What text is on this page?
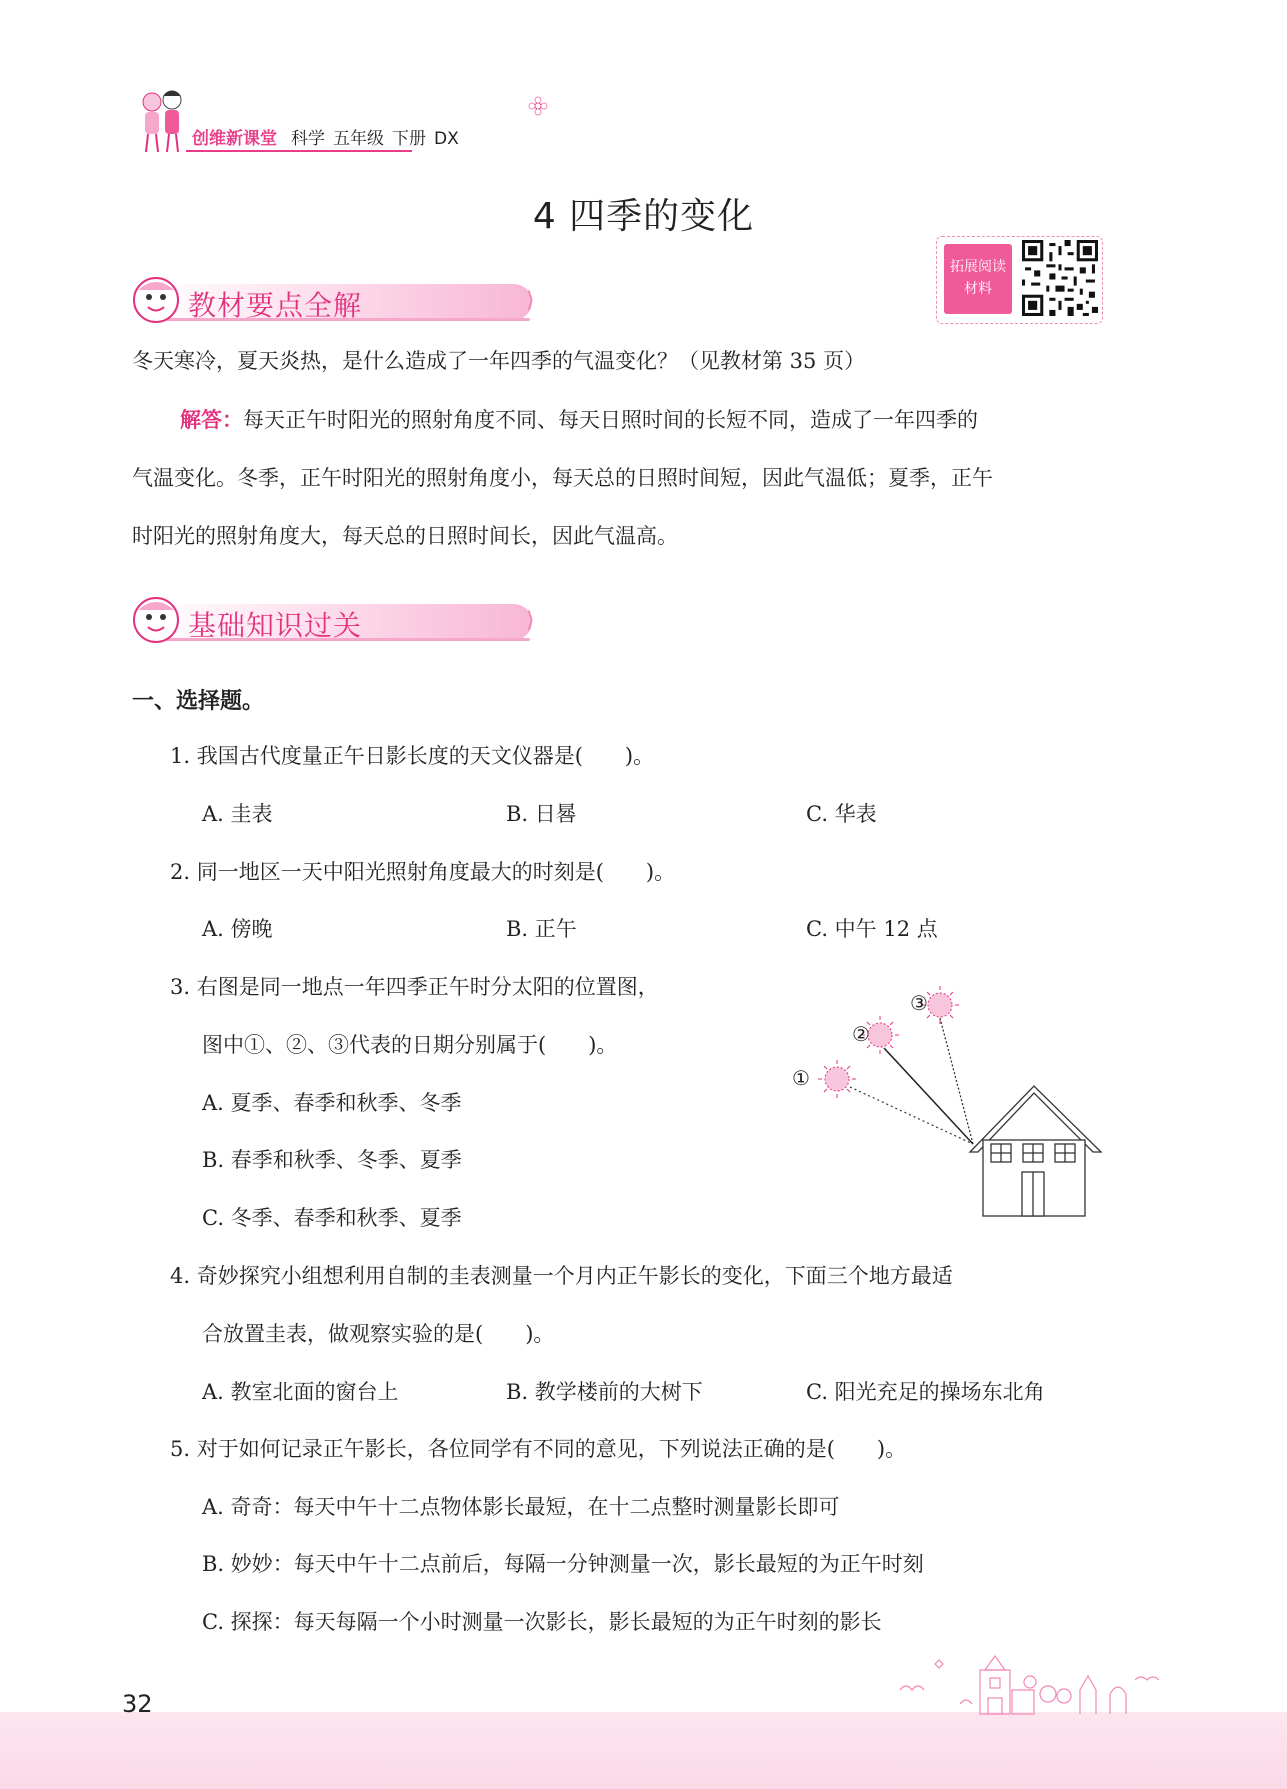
创维新课堂 科学 五年级 下册 DX
4 四季的变化
拓展阅读
材料
教材要点全解	⟩
冬天寒冷，夏天炎热，是什么造成了一年四季的气温变化？（见教材第 35 页）
解答：每天正午时阳光的照射角度不同、每天日照时间的长短不同，造成了一年四季的
气温变化。冬季，正午时阳光的照射角度小，每天总的日照时间短，因此气温低；夏季，正午
时阳光的照射角度大，每天总的日照时间长，因此气温高。
基础知识过关	⟩
一、选择题。
1. 我国古代度量正午日影长度的天文仪器是(　　)。
A. 圭表	B. 日晷	C. 华表
2. 同一地区一天中阳光照射角度最大的时刻是(　　)。
A. 傍晚	B. 正午	C. 中午 12 点
3. 右图是同一地点一年四季正午时分太阳的位置图，
图中①、②、③代表的日期分别属于(　　)。
A. 夏季、春季和秋季、冬季
B. 春季和秋季、冬季、夏季
C. 冬季、春季和秋季、夏季
③
②
①
4. 奇妙探究小组想利用自制的圭表测量一个月内正午影长的变化，下面三个地方最适
合放置圭表，做观察实验的是(　　)。
A. 教室北面的窗台上	B. 教学楼前的大树下	C. 阳光充足的操场东北角
5. 对于如何记录正午影长，各位同学有不同的意见，下列说法正确的是(　　)。
A. 奇奇：每天中午十二点物体影长最短，在十二点整时测量影长即可
B. 妙妙：每天中午十二点前后，每隔一分钟测量一次，影长最短的为正午时刻
C. 探探：每天每隔一个小时测量一次影长，影长最短的为正午时刻的影长
32
